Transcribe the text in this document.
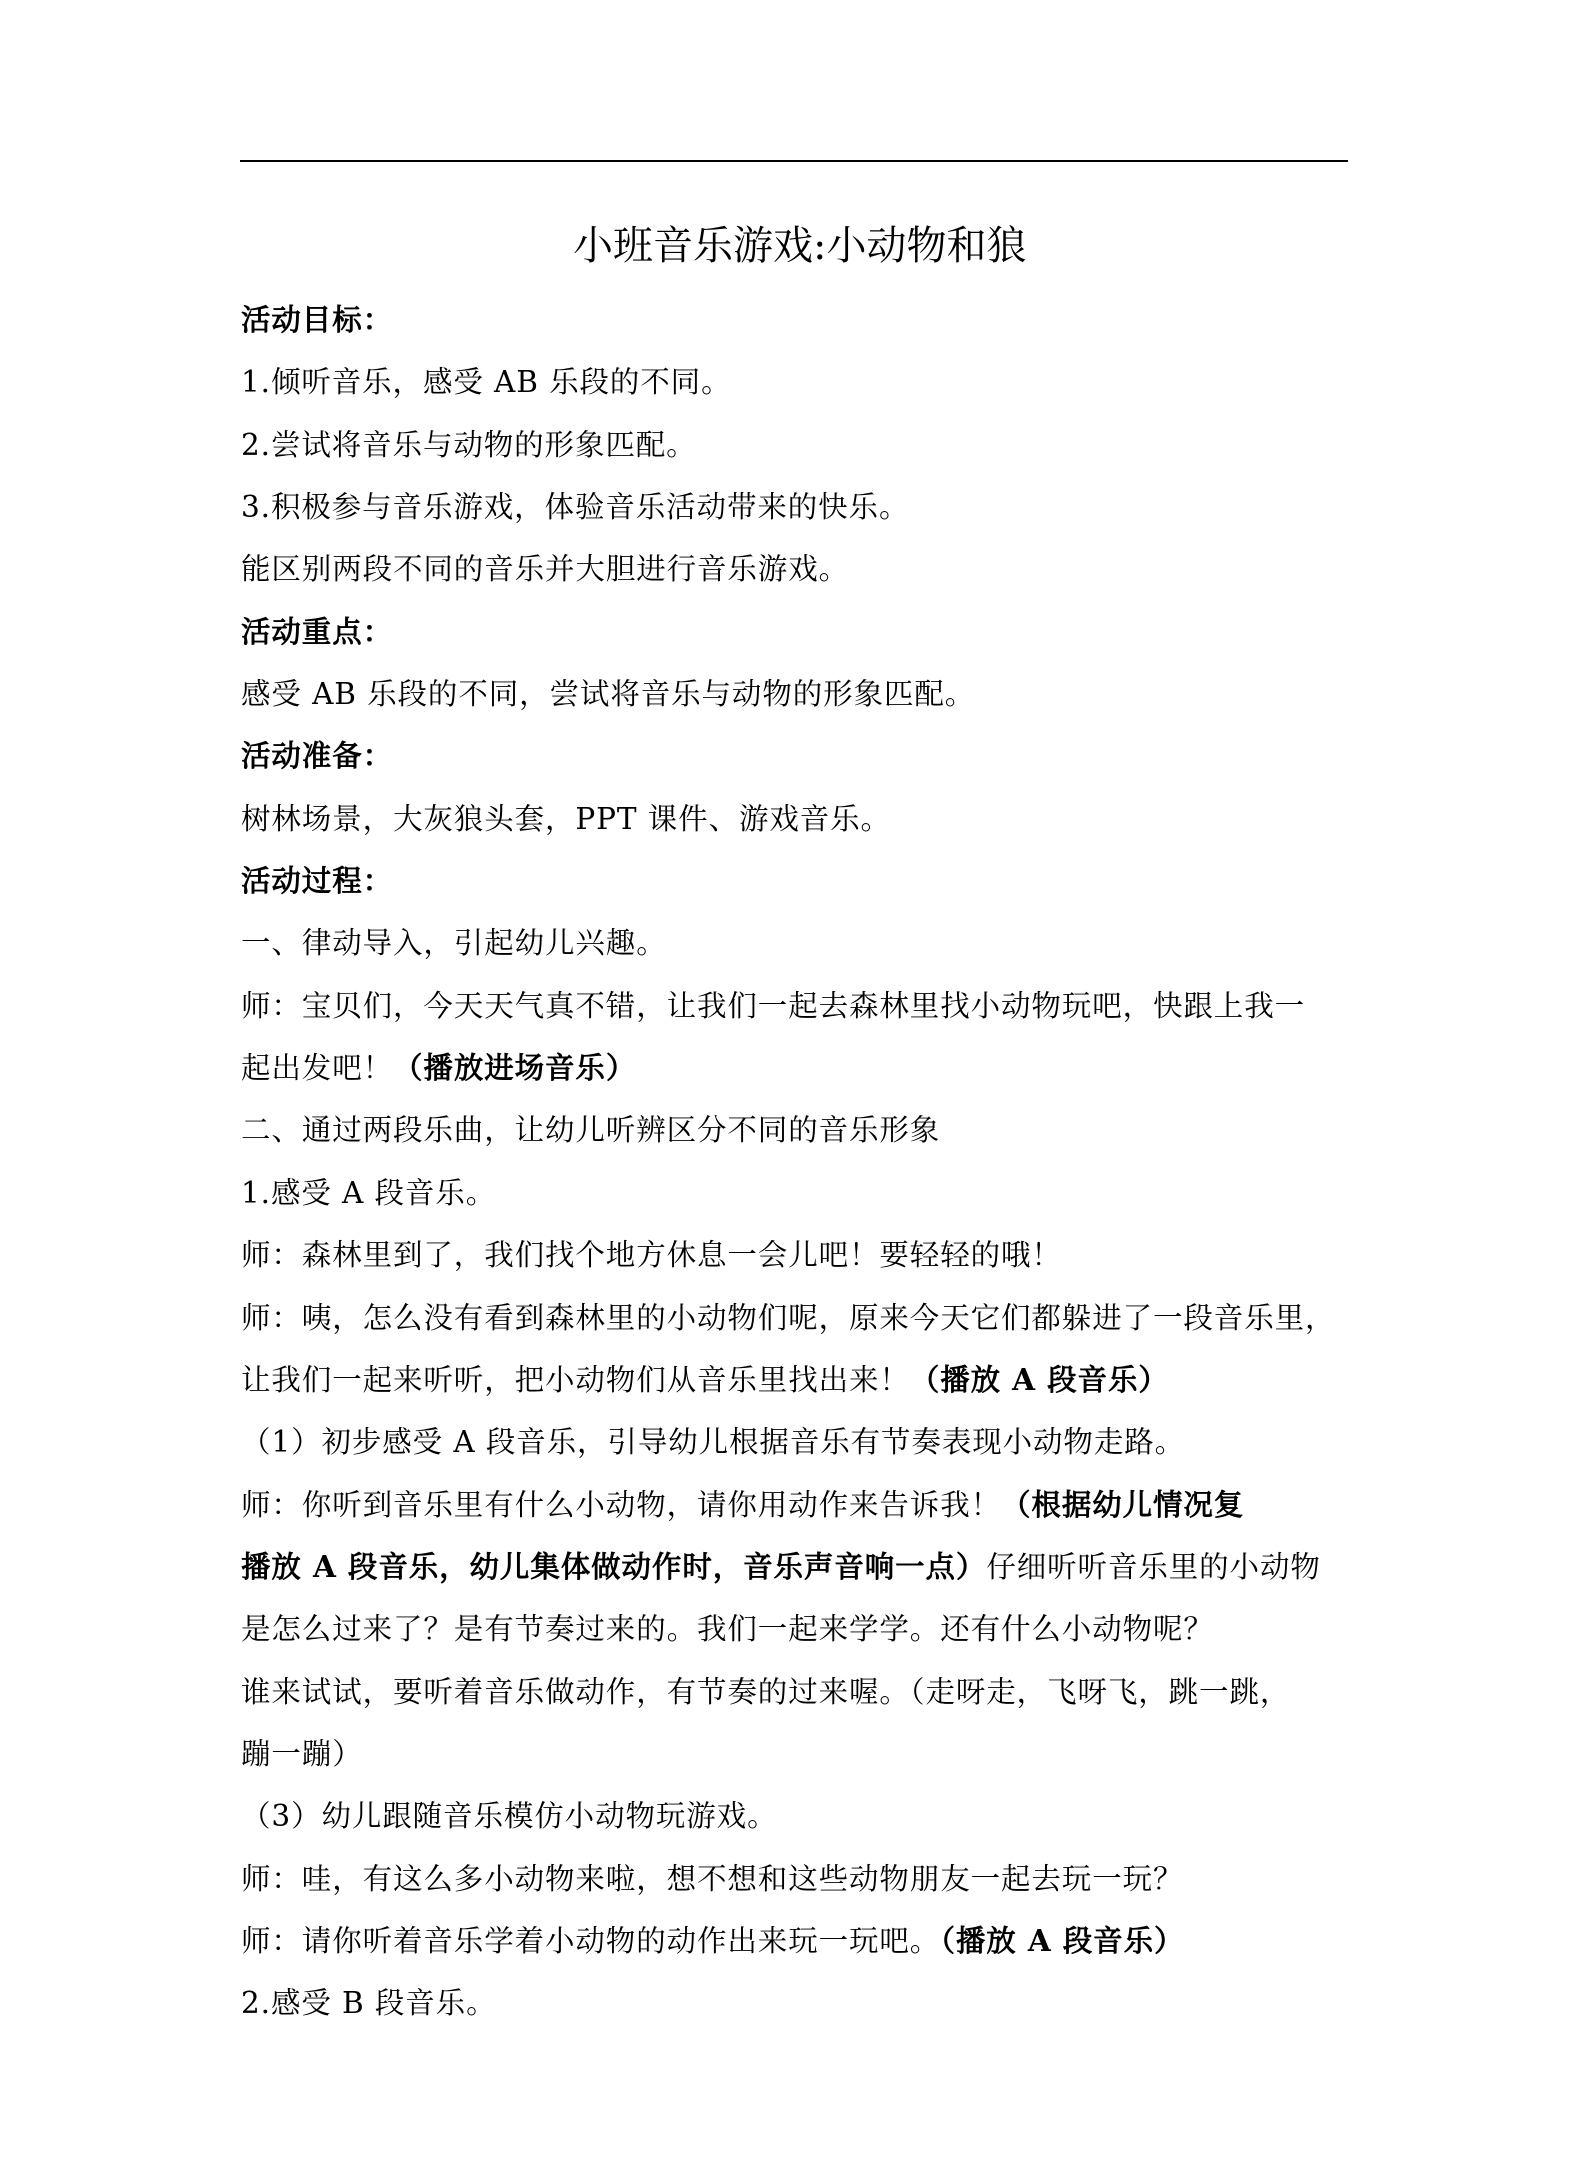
小班音乐游戏:小动物和狼
活动目标：
1.倾听音乐，感受 AB 乐段的不同。
2.尝试将音乐与动物的形象匹配。
3.积极参与音乐游戏，体验音乐活动带来的快乐。
能区别两段不同的音乐并大胆进行音乐游戏。
活动重点：
感受 AB 乐段的不同，尝试将音乐与动物的形象匹配。
活动准备：
树林场景，大灰狼头套，PPT 课件、游戏音乐。
活动过程：
一、律动导入，引起幼儿兴趣。
师：宝贝们，今天天气真不错，让我们一起去森林里找小动物玩吧，快跟上我一
起出发吧！（播放进场音乐）
二、通过两段乐曲，让幼儿听辨区分不同的音乐形象
1.感受 A 段音乐。
师：森林里到了，我们找个地方休息一会儿吧！要轻轻的哦！
师：咦，怎么没有看到森林里的小动物们呢，原来今天它们都躲进了一段音乐里，
让我们一起来听听，把小动物们从音乐里找出来！（播放 A 段音乐）
（1）初步感受 A 段音乐，引导幼儿根据音乐有节奏表现小动物走路。
师：你听到音乐里有什么小动物，请你用动作来告诉我！（根据幼儿情况复
播放 A 段音乐，幼儿集体做动作时，音乐声音响一点）仔细听听音乐里的小动物
是怎么过来了？是有节奏过来的。我们一起来学学。还有什么小动物呢？
谁来试试，要听着音乐做动作，有节奏的过来喔。（走呀走，飞呀飞，跳一跳，
蹦一蹦）
（3）幼儿跟随音乐模仿小动物玩游戏。
师：哇，有这么多小动物来啦，想不想和这些动物朋友一起去玩一玩？
师：请你听着音乐学着小动物的动作出来玩一玩吧。（播放 A 段音乐）
2.感受 B 段音乐。
